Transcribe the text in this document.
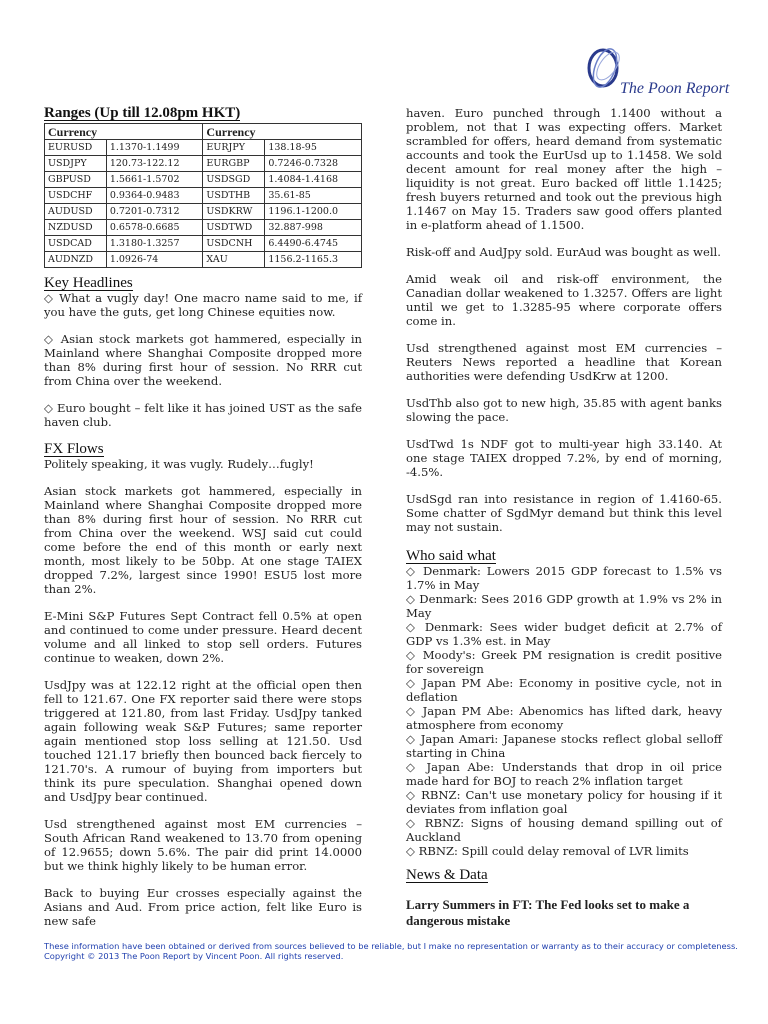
The Poon Report
Ranges (Up till 12.08pm HKT)
Currency		Currency	
EURUSD	1.1370-1.1499	EURJPY	138.18-95
USDJPY	120.73-122.12	EURGBP	0.7246-0.7328
GBPUSD	1.5661-1.5702	USDSGD	1.4084-1.4168
USDCHF	0.9364-0.9483	USDTHB	35.61-85
AUDUSD	0.7201-0.7312	USDKRW	1196.1-1200.0
NZDUSD	0.6578-0.6685	USDTWD	32.887-998
USDCAD	1.3180-1.3257	USDCNH	6.4490-6.4745
AUDNZD	1.0926-74	XAU	1156.2-1165.3
Key Headlines

◇ What a vugly day! One macro name said to me, if you have the guts, get long Chinese equities now.

◇ Asian stock markets got hammered, especially in Mainland where Shanghai Composite dropped more than 8% during first hour of session. No RRR cut from China over the weekend.

◇ Euro bought – felt like it has joined UST as the safe haven club.

FX Flows

Politely speaking, it was vugly. Rudely…fugly!

Asian stock markets got hammered, especially in Mainland where Shanghai Composite dropped more than 8% during first hour of session. No RRR cut from China over the weekend. WSJ said cut could come before the end of this month or early next month, most likely to be 50bp. At one stage TAIEX dropped 7.2%, largest since 1990! ESU5 lost more than 2%.

E-Mini S&P Futures Sept Contract fell 0.5% at open and continued to come under pressure. Heard decent volume and all linked to stop sell orders. Futures continue to weaken, down 2%.

UsdJpy was at 122.12 right at the official open then fell to 121.67. One FX reporter said there were stops triggered at 121.80, from last Friday. UsdJpy tanked again following weak S&P Futures; same reporter again mentioned stop loss selling at 121.50. Usd touched 121.17 briefly then bounced back fiercely to 121.70's. A rumour of buying from importers but think its pure speculation. Shanghai opened down and UsdJpy bear continued.

Usd strengthened against most EM currencies – South African Rand weakened to 13.70 from opening of 12.9655; down 5.6%. The pair did print 14.0000 but we think highly likely to be human error.

Back to buying Eur crosses especially against the Asians and Aud. From price action, felt like Euro is new safe

haven. Euro punched through 1.1400 without a problem, not that I was expecting offers. Market scrambled for offers, heard demand from systematic accounts and took the EurUsd up to 1.1458. We sold decent amount for real money after the high – liquidity is not great. Euro backed off little 1.1425; fresh buyers returned and took out the previous high 1.1467 on May 15. Traders saw good offers planted in e-platform ahead of 1.1500.

Risk-off and AudJpy sold. EurAud was bought as well.

Amid weak oil and risk-off environment, the Canadian dollar weakened to 1.3257. Offers are light until we get to 1.3285-95 where corporate offers come in.

Usd strengthened against most EM currencies – Reuters News reported a headline that Korean authorities were defending UsdKrw at 1200.

UsdThb also got to new high, 35.85 with agent banks slowing the pace.

UsdTwd 1s NDF got to multi-year high 33.140. At one stage TAIEX dropped 7.2%, by end of morning, -4.5%.

UsdSgd ran into resistance in region of 1.4160-65. Some chatter of SgdMyr demand but think this level may not sustain.

Who said what

◇ Denmark: Lowers 2015 GDP forecast to 1.5% vs 1.7% in May

◇ Denmark: Sees 2016 GDP growth at 1.9% vs 2% in May

◇ Denmark: Sees wider budget deficit at 2.7% of GDP vs 1.3% est. in May

◇ Moody's: Greek PM resignation is credit positive for sovereign

◇ Japan PM Abe: Economy in positive cycle, not in deflation

◇ Japan PM Abe: Abenomics has lifted dark, heavy atmosphere from economy

◇ Japan Amari: Japanese stocks reflect global selloff starting in China

◇ Japan Abe: Understands that drop in oil price made hard for BOJ to reach 2% inflation target

◇ RBNZ: Can't use monetary policy for housing if it deviates from inflation goal

◇ RBNZ: Signs of housing demand spilling out of Auckland

◇ RBNZ: Spill could delay removal of LVR limits

News & Data
Larry Summers in FT: The Fed looks set to make a dangerous mistake
These information have been obtained or derived from sources believed to be reliable, but I make no representation or warranty as to their accuracy or completeness.
Copyright © 2013 The Poon Report by Vincent Poon. All rights reserved.
